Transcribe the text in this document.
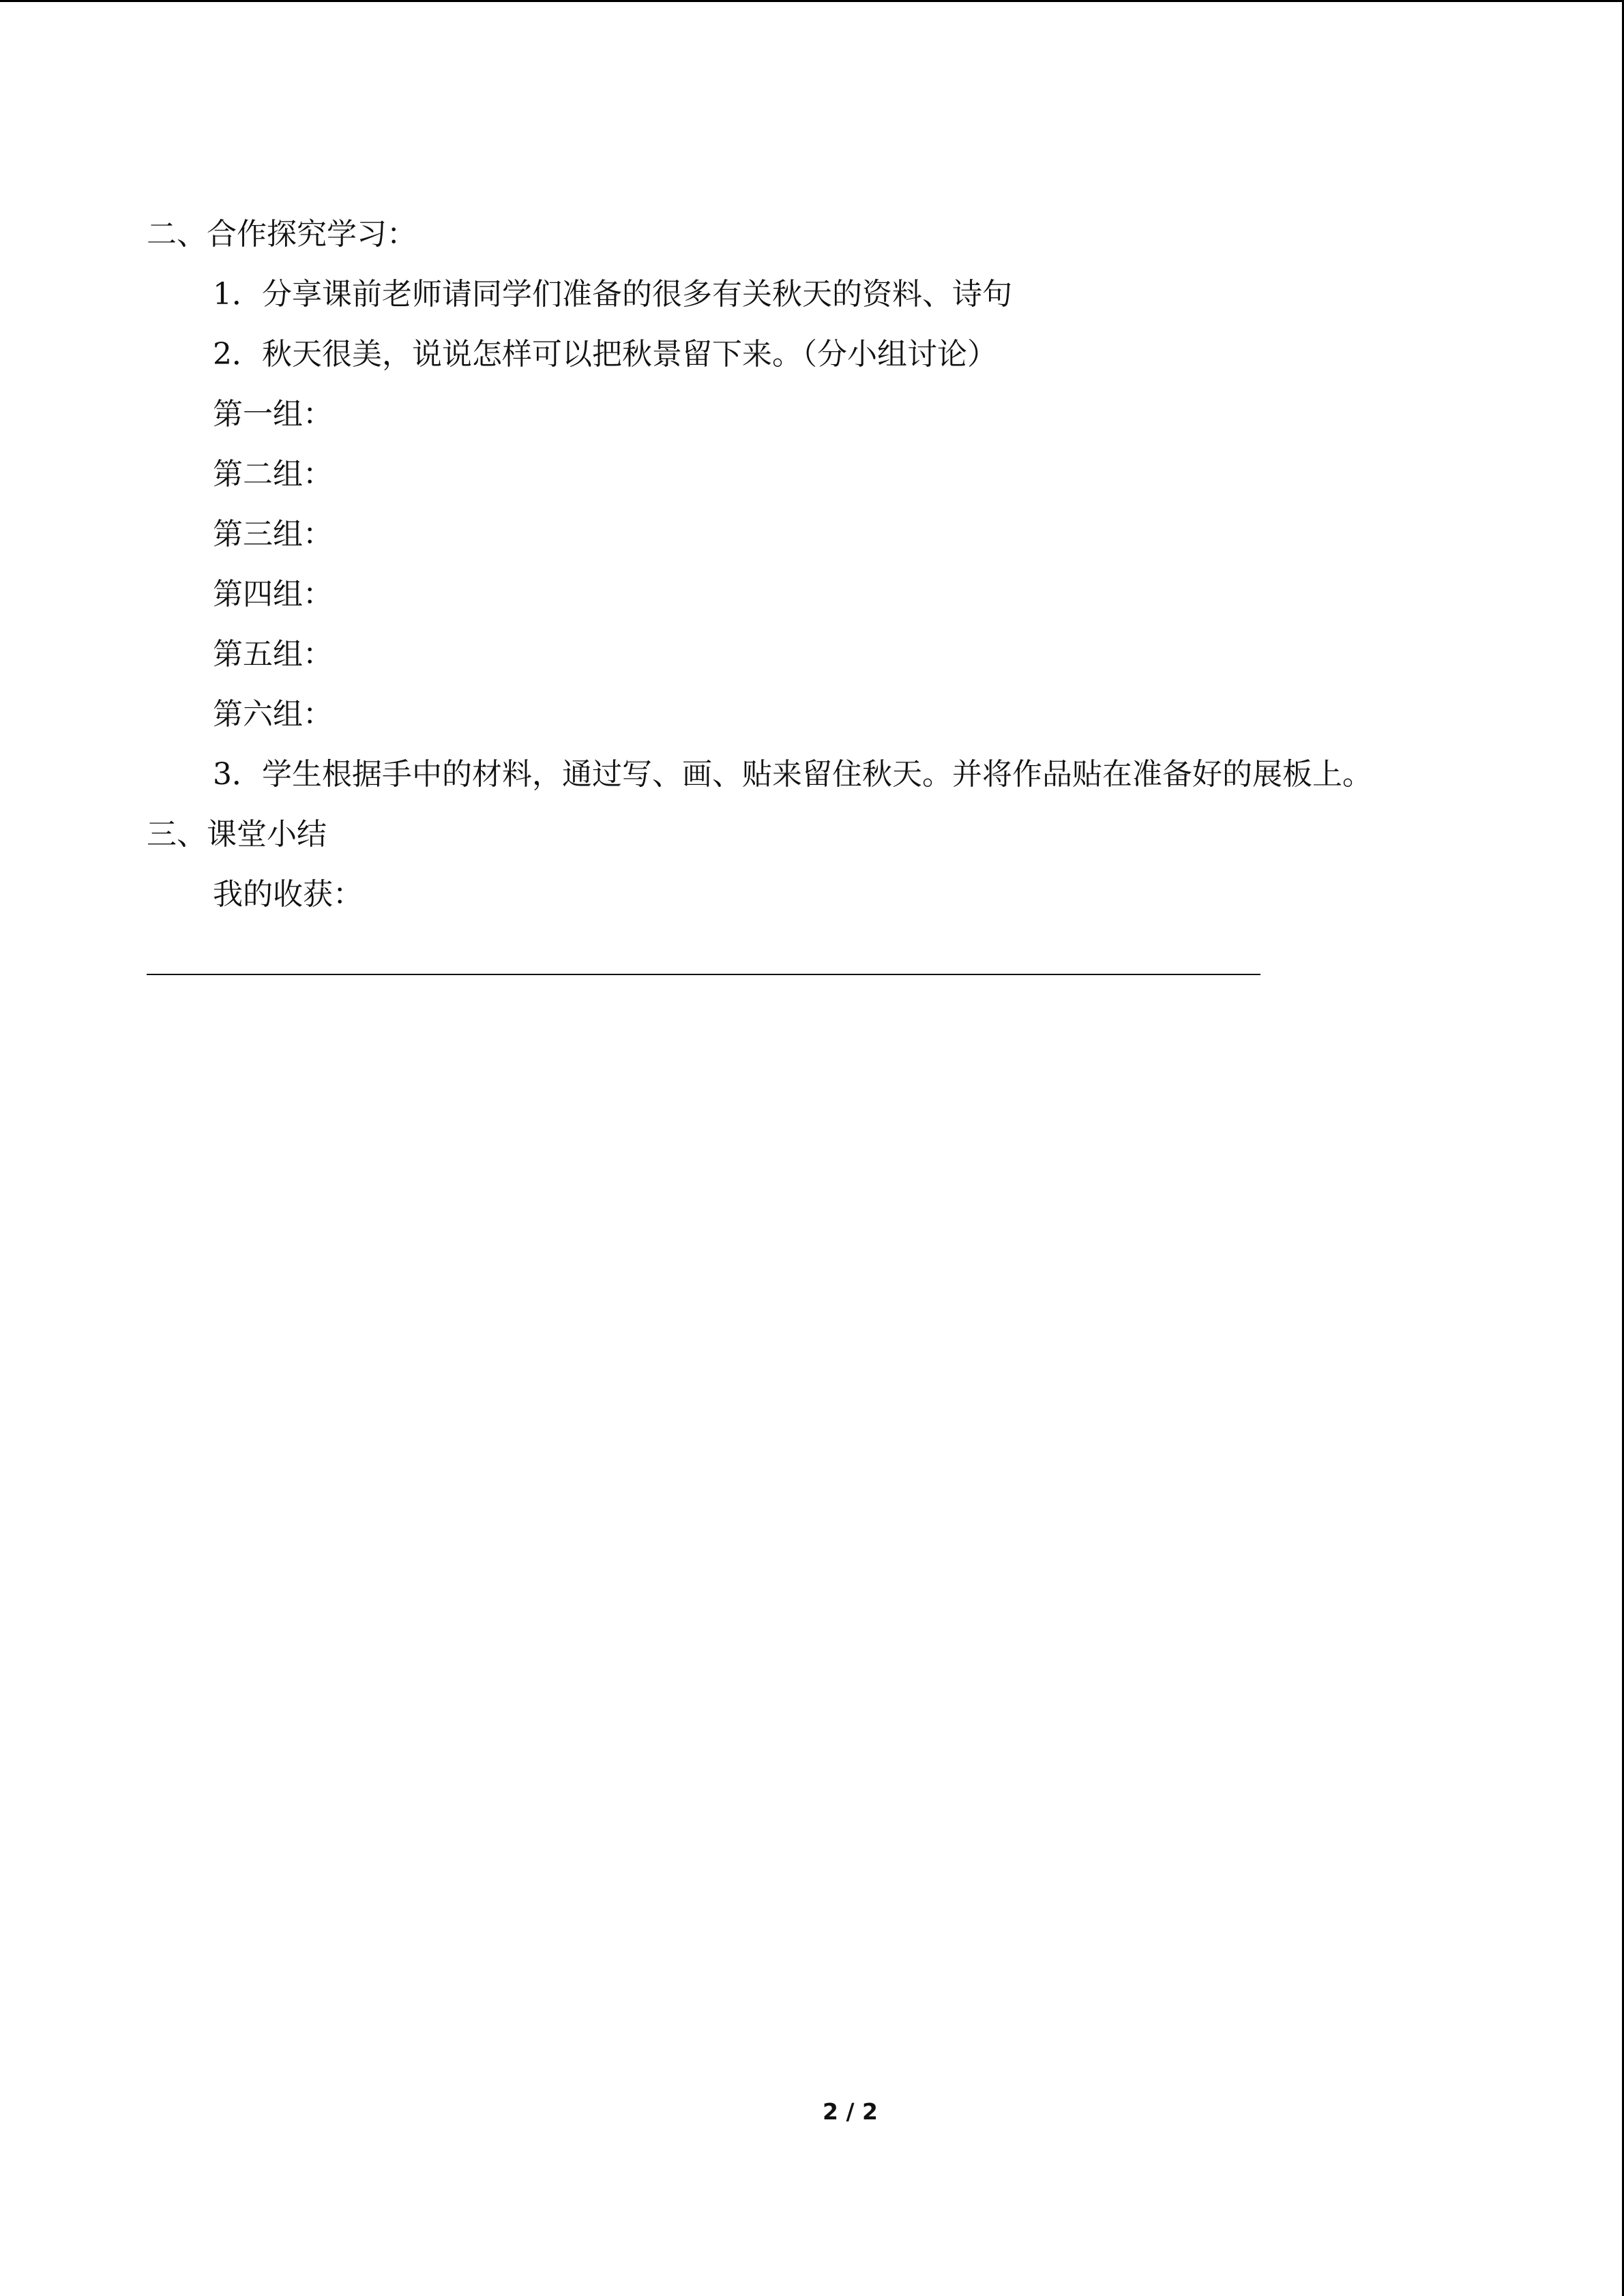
二、合作探究学习：
1．分享课前老师请同学们准备的很多有关秋天的资料、诗句
2．秋天很美，说说怎样可以把秋景留下来。（分小组讨论）
第一组：
第二组：
第三组：
第四组：
第五组：
第六组：
3．学生根据手中的材料，通过写、画、贴来留住秋天。并将作品贴在准备好的展板上。
三、课堂小结
我的收获：
2 / 2
